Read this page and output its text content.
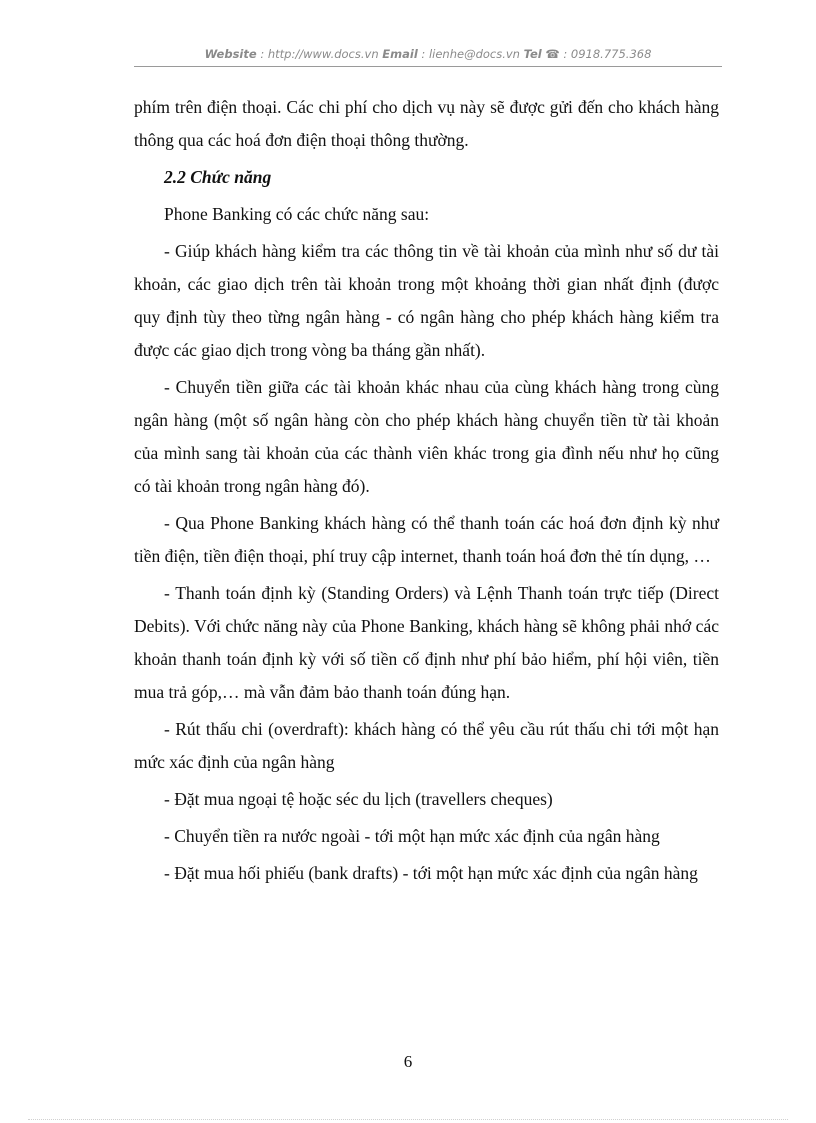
Website : http://www.docs.vn Email : lienhe@docs.vn Tel ☎ : 0918.775.368

phím trên điện thoại. Các chi phí cho dịch vụ này sẽ được gửi đến cho khách hàng thông qua các hoá đơn điện thoại thông thường.

2.2 Chức năng

Phone Banking có các chức năng sau:

- Giúp khách hàng kiểm tra các thông tin về tài khoản của mình như số dư tài khoản, các giao dịch trên tài khoản trong một khoảng thời gian nhất định (được quy định tùy theo từng ngân hàng - có ngân hàng cho phép khách hàng kiểm tra được các giao dịch trong vòng ba tháng gần nhất).

- Chuyển tiền giữa các tài khoản khác nhau của cùng khách hàng trong cùng ngân hàng (một số ngân hàng còn cho phép khách hàng chuyển tiền từ tài khoản của mình sang tài khoản của các thành viên khác trong gia đình nếu như họ cũng có tài khoản trong ngân hàng đó).

- Qua Phone Banking khách hàng có thể thanh toán các hoá đơn định kỳ như tiền điện, tiền điện thoại, phí truy cập internet, thanh toán hoá đơn thẻ tín dụng, …

- Thanh toán định kỳ (Standing Orders) và Lệnh Thanh toán trực tiếp (Direct Debits). Với chức năng này của Phone Banking, khách hàng sẽ không phải nhớ các khoản thanh toán định kỳ với số tiền cố định như phí bảo hiểm, phí hội viên, tiền mua trả góp,… mà vẫn đảm bảo thanh toán đúng hạn.

- Rút thấu chi (overdraft): khách hàng có thể yêu cầu rút thấu chi tới một hạn mức xác định của ngân hàng

- Đặt mua ngoại tệ hoặc séc du lịch (travellers cheques)

- Chuyển tiền ra nước ngoài - tới một hạn mức xác định của ngân hàng

- Đặt mua hối phiếu (bank drafts) - tới một hạn mức xác định của ngân hàng

6
